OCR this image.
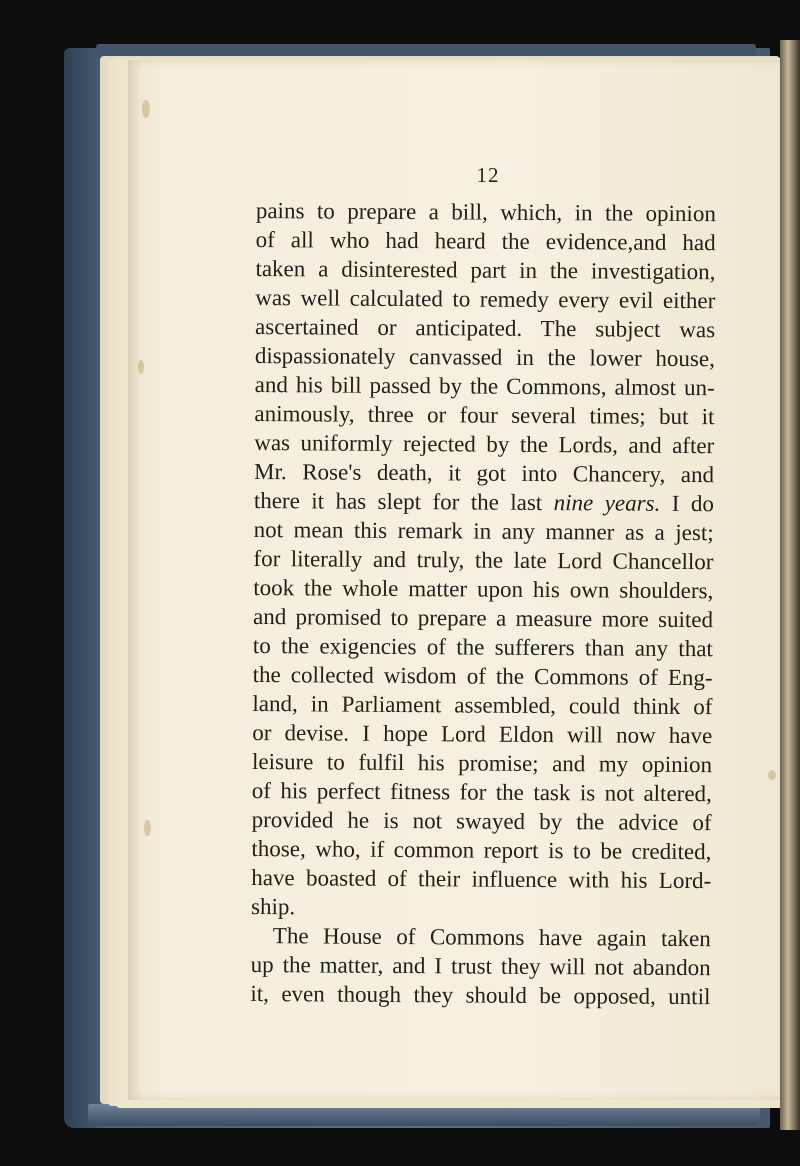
12
pains to prepare a bill, which, in the opinion
of all who had heard the evidence,and had
taken a disinterested part in the investigation,
was well calculated to remedy every evil either
ascertained or anticipated. The subject was
dispassionately canvassed in the lower house,
and his bill passed by the Commons, almost un-
animously, three or four several times; but it
was uniformly rejected by the Lords, and after
Mr. Rose's death, it got into Chancery, and
there it has slept for the last nine years. I do
not mean this remark in any manner as a jest;
for literally and truly, the late Lord Chancellor
took the whole matter upon his own shoulders,
and promised to prepare a measure more suited
to the exigencies of the sufferers than any that
the collected wisdom of the Commons of Eng-
land, in Parliament assembled, could think of
or devise. I hope Lord Eldon will now have
leisure to fulfil his promise; and my opinion
of his perfect fitness for the task is not altered,
provided he is not swayed by the advice of
those, who, if common report is to be credited,
have boasted of their influence with his Lord-
ship.
The House of Commons have again taken
up the matter, and I trust they will not abandon
it, even though they should be opposed, until
